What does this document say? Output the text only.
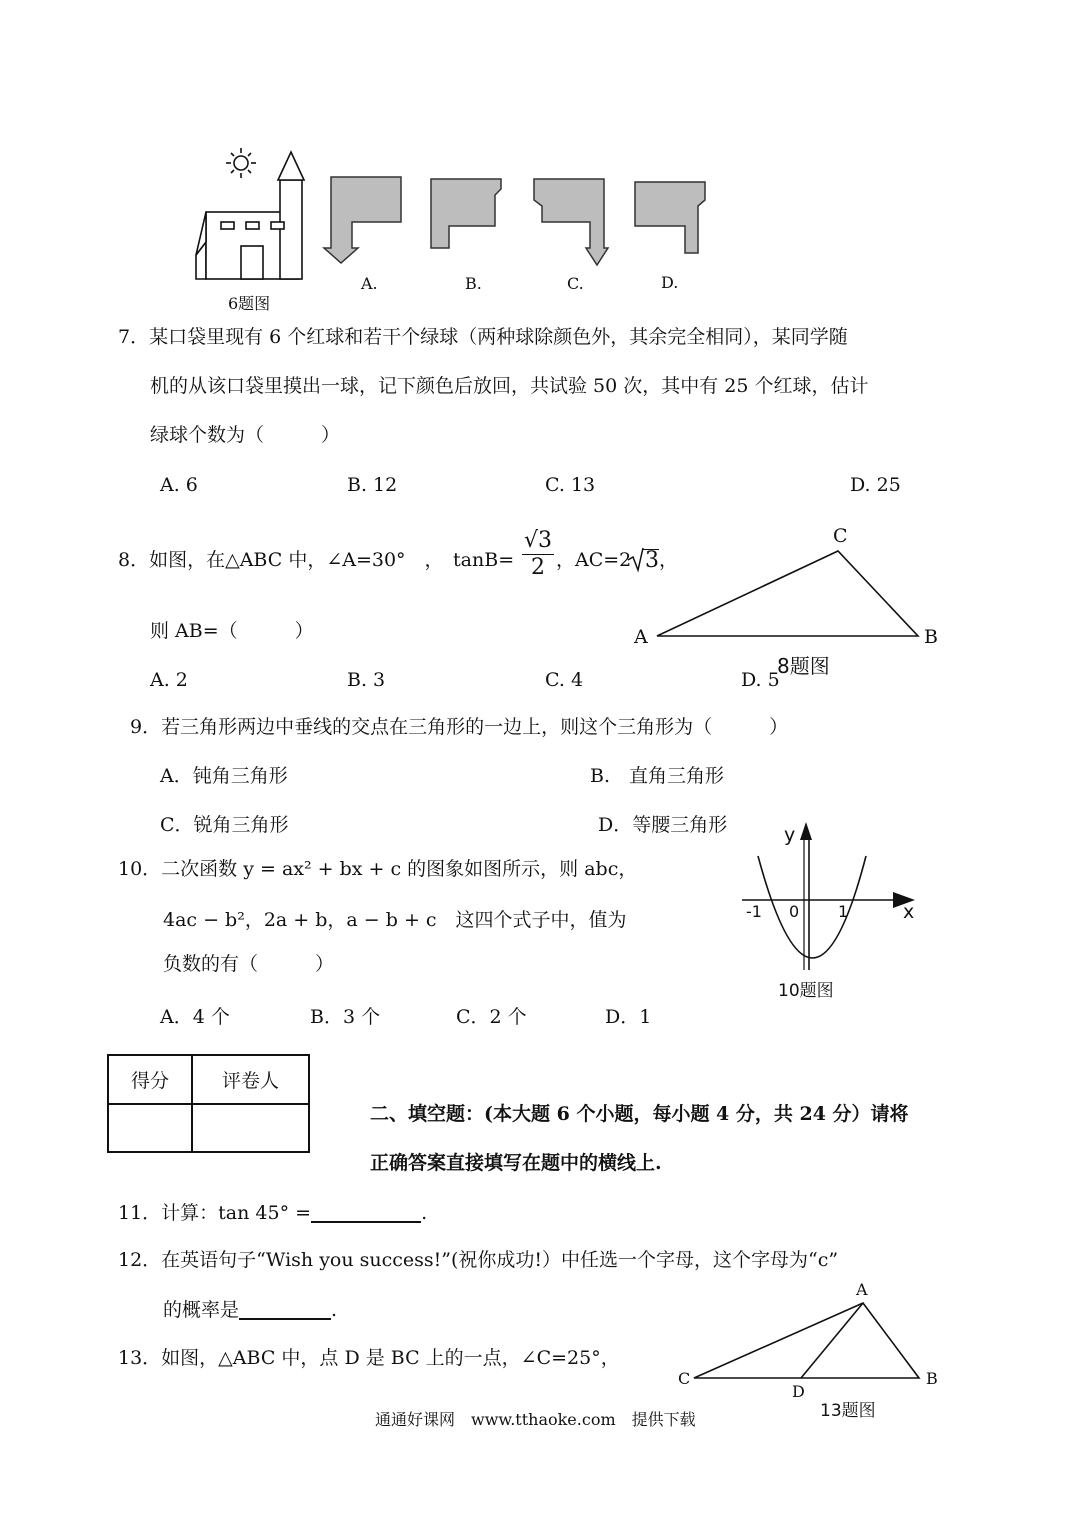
6题图
A.	B.	C.	D.
7．某口袋里现有 6 个红球和若干个绿球（两种球除颜色外，其余完全相同），某同学随
机的从该口袋里摸出一球，记下颜色后放回，共试验 50 次，其中有 25 个红球，估计
绿球个数为（　　　）
A. 6	B. 12	C. 13	D. 25
8．如图，在△ABC 中，∠A=30°　，　tanB=
√3
2 ，AC=2 3 ，
则 AB=（　　　）
A. 2	B. 3	C. 4	D. 5
A	B
C
8题图
9．若三角形两边中垂线的交点在三角形的一边上，则这个三角形为（　　　）
A．钝角三角形	B.　直角三角形
C．锐角三角形	D．等腰三角形
10．二次函数 y = ax² + bx + c 的图象如图所示，则 abc，
4ac − b²，2a + b，a − b + c　这四个式子中，值为
负数的有（　　　）
A．4 个	B．3 个	C．2 个	D．1
y
x
-1 0 1
10题图
得分	评卷人

二、填空题：(本大题 6 个小题，每小题 4 分，共 24 分）请将
正确答案直接填写在题中的横线上.
11．计算：tan 45° =	.
12．在英语句子“Wish you success!”(祝你成功!）中任选一个字母，这个字母为“c”
的概率是	.
13．如图，△ABC 中，点 D 是 BC 上的一点，∠C=25°，
A
B
C
D
13题图
通通好课网　www.tthaoke.com　提供下载
